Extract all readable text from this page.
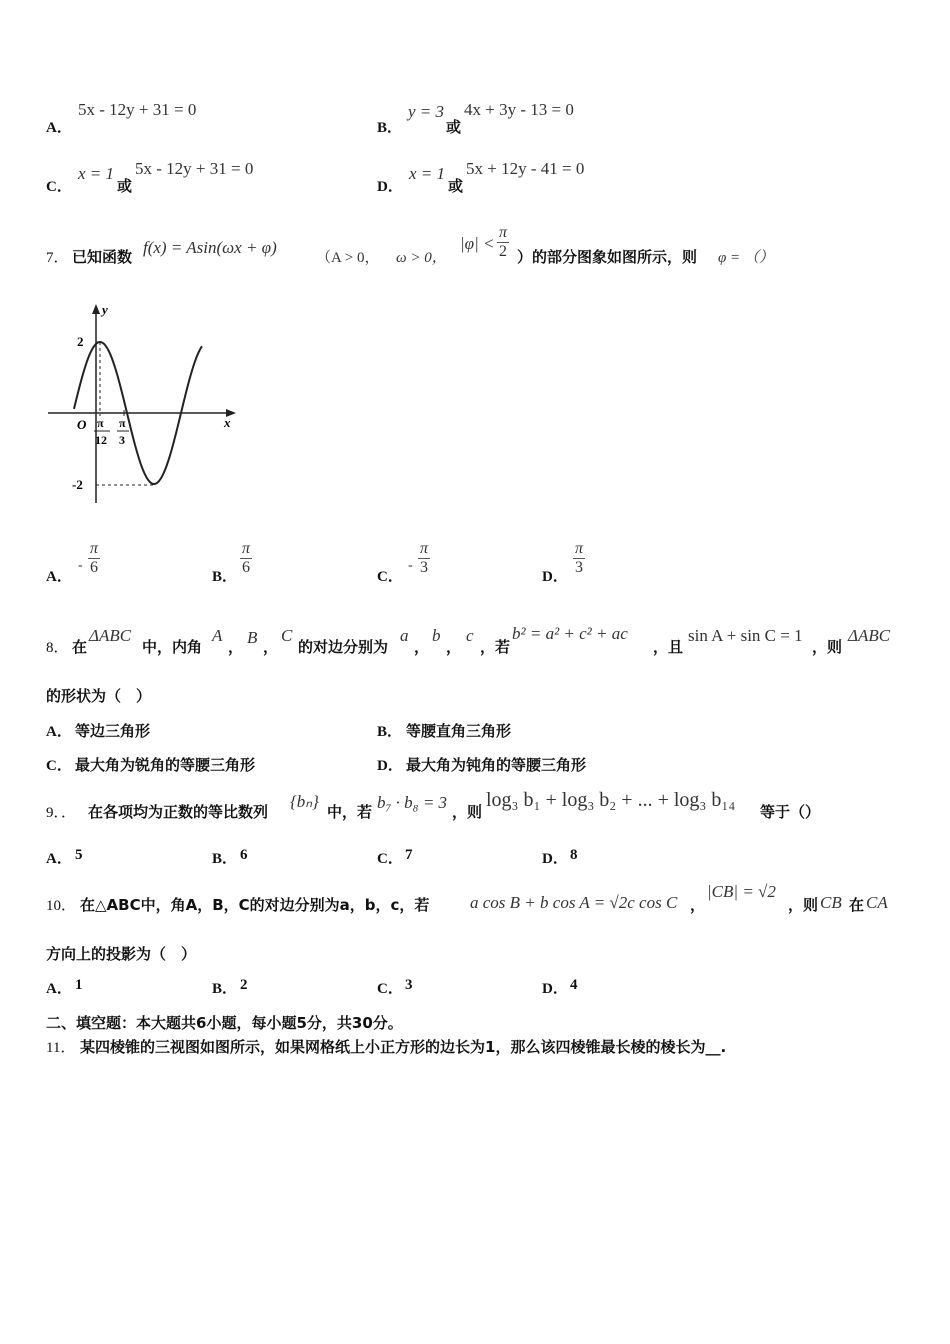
A．
5x - 12y + 31 = 0
B．
y = 3
或
4x + 3y - 13 = 0
C．
x = 1
或
5x - 12y + 31 = 0
D．
x = 1
或
5x + 12y - 41 = 0
7． 已知函数 f(x) = Asin(ωx + φ)
（A > 0， ω > 0，
$|\varphi| < \frac{\pi}{2}$ ）的部分图象如图所示，则 φ = （）
y
x
O
2
-2
π
12
π
3
A．
- $\frac{\pi}{6}$	B． $\frac{\pi}{6}$	C．
- $\frac{\pi}{3}$	D． $\frac{\pi}{3}$
8． 在
ΔABC
中，内角
A
， B ，
C
的对边分别为
a
，
b
，
c
，若
b² = a² + c² + ac
，且
sin A + sin C = 1
，则
ΔABC
的形状为（　）
A． 等边三角形	B． 等腰直角三角形
C． 最大角为锐角的等腰三角形	D． 最大角为钝角的等腰三角形
9．． 在各项均为正数的等比数列
{bₙ}
中，若 b₇ · b₈ = 3 ，则
log₃ b₁ + log₃ b₂ + ... + log₃ b₁₄
等于（）
A． 5	B． 6	C． 7	D． 8
10． 在△ABC中，角A，B，C的对边分别为a，b，c，若 a cos B + b cos A = √2c cos C ，
|CB| = √2
，则 CB 在 CA
方向上的投影为（　）
A． 1	B． 2	C． 3	D． 4
二、填空题：本大题共6小题，每小题5分，共30分。
11． 某四棱锥的三视图如图所示，如果网格纸上小正方形的边长为1，那么该四棱锥最长棱的棱长为__.
